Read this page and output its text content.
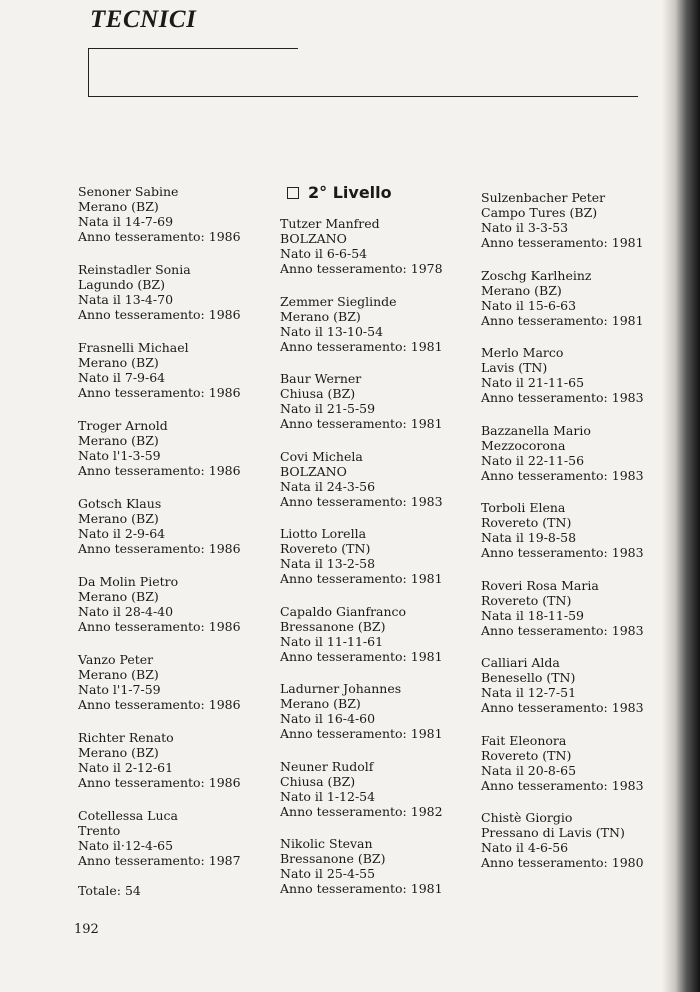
TECNICI
Senoner Sabine
Merano (BZ)
Nata il 14-7-69
Anno tesseramento: 1986
Reinstadler Sonia
Lagundo (BZ)
Nata il 13-4-70
Anno tesseramento: 1986
Frasnelli Michael
Merano (BZ)
Nato il 7-9-64
Anno tesseramento: 1986
Troger Arnold
Merano (BZ)
Nato l'1-3-59
Anno tesseramento: 1986
Gotsch Klaus
Merano (BZ)
Nato il 2-9-64
Anno tesseramento: 1986
Da Molin Pietro
Merano (BZ)
Nato il 28-4-40
Anno tesseramento: 1986
Vanzo Peter
Merano (BZ)
Nato l'1-7-59
Anno tesseramento: 1986
Richter Renato
Merano (BZ)
Nato il 2-12-61
Anno tesseramento: 1986
Cotellessa Luca
Trento
Nato il·12-4-65
Anno tesseramento: 1987
Totale: 54
2° Livello
Tutzer Manfred
BOLZANO
Nato il 6-6-54
Anno tesseramento: 1978
Zemmer Sieglinde
Merano (BZ)
Nato il 13-10-54
Anno tesseramento: 1981
Baur Werner
Chiusa (BZ)
Nato il 21-5-59
Anno tesseramento: 1981
Covi Michela
BOLZANO
Nata il 24-3-56
Anno tesseramento: 1983
Liotto Lorella
Rovereto (TN)
Nata il 13-2-58
Anno tesseramento: 1981
Capaldo Gianfranco
Bressanone (BZ)
Nato il 11-11-61
Anno tesseramento: 1981
Ladurner Johannes
Merano (BZ)
Nato il 16-4-60
Anno tesseramento: 1981
Neuner Rudolf
Chiusa (BZ)
Nato il 1-12-54
Anno tesseramento: 1982
Nikolic Stevan
Bressanone (BZ)
Nato il 25-4-55
Anno tesseramento: 1981
Sulzenbacher Peter
Campo Tures (BZ)
Nato il 3-3-53
Anno tesseramento: 1981
Zoschg Karlheinz
Merano (BZ)
Nato il 15-6-63
Anno tesseramento: 1981
Merlo Marco
Lavis (TN)
Nato il 21-11-65
Anno tesseramento: 1983
Bazzanella Mario
Mezzocorona
Nato il 22-11-56
Anno tesseramento: 1983
Torboli Elena
Rovereto (TN)
Nata il 19-8-58
Anno tesseramento: 1983
Roveri Rosa Maria
Rovereto (TN)
Nata il 18-11-59
Anno tesseramento: 1983
Calliari Alda
Benesello (TN)
Nata il 12-7-51
Anno tesseramento: 1983
Fait Eleonora
Rovereto (TN)
Nata il 20-8-65
Anno tesseramento: 1983
Chistè Giorgio
Pressano di Lavis (TN)
Nato il 4-6-56
Anno tesseramento: 1980
192
